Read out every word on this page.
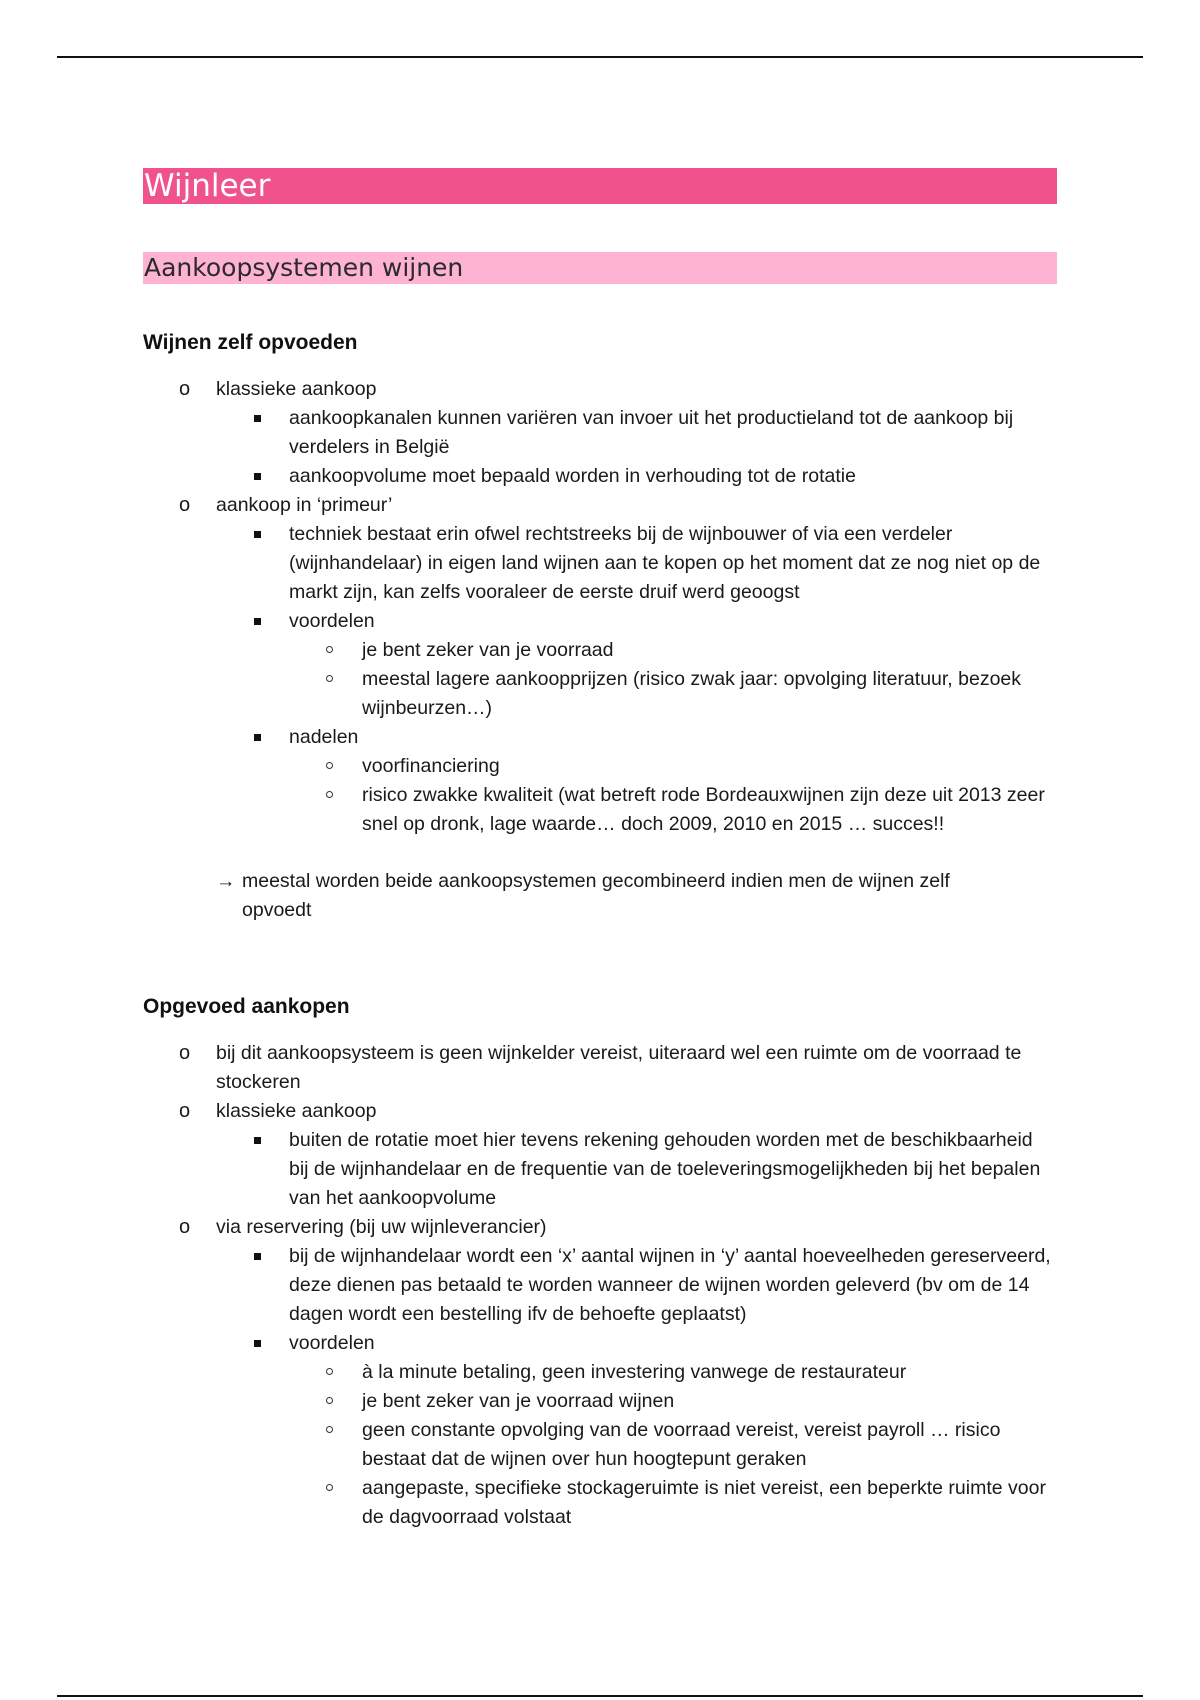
Wijnleer
Aankoopsystemen wijnen
Wijnen zelf opvoeden
o klassieke aankoop
aankoopkanalen kunnen variëren van invoer uit het productieland tot de aankoop bij verdelers in België
aankoopvolume moet bepaald worden in verhouding tot de rotatie
o aankoop in ‘primeur’
techniek bestaat erin ofwel rechtstreeks bij de wijnbouwer of via een verdeler (wijnhandelaar) in eigen land wijnen aan te kopen op het moment dat ze nog niet op de markt zijn, kan zelfs vooraleer de eerste druif werd geoogst
voordelen
je bent zeker van je voorraad
meestal lagere aankoopprijzen (risico zwak jaar: opvolging literatuur, bezoek wijnbeurzen…)
nadelen
voorfinanciering
risico zwakke kwaliteit (wat betreft rode Bordeauxwijnen zijn deze uit 2013 zeer snel op dronk, lage waarde… doch 2009, 2010 en 2015 … succes!!
→ meestal worden beide aankoopsystemen gecombineerd indien men de wijnen zelf opvoedt
Opgevoed aankopen
o bij dit aankoopsysteem is geen wijnkelder vereist, uiteraard wel een ruimte om de voorraad te stockeren
o klassieke aankoop
buiten de rotatie moet hier tevens rekening gehouden worden met de beschikbaarheid bij de wijnhandelaar en de frequentie van de toeleveringsmogelijkheden bij het bepalen van het aankoopvolume
o via reservering (bij uw wijnleverancier)
bij de wijnhandelaar wordt een ‘x’ aantal wijnen in ‘y’ aantal hoeveelheden gereserveerd, deze dienen pas betaald te worden wanneer de wijnen worden geleverd (bv om de 14 dagen wordt een bestelling ifv de behoefte geplaatst)
voordelen
à la minute betaling, geen investering vanwege de restaurateur
je bent zeker van je voorraad wijnen
geen constante opvolging van de voorraad vereist, vereist payroll … risico bestaat dat de wijnen over hun hoogtepunt geraken
aangepaste, specifieke stockageruimte is niet vereist, een beperkte ruimte voor de dagvoorraad volstaat
